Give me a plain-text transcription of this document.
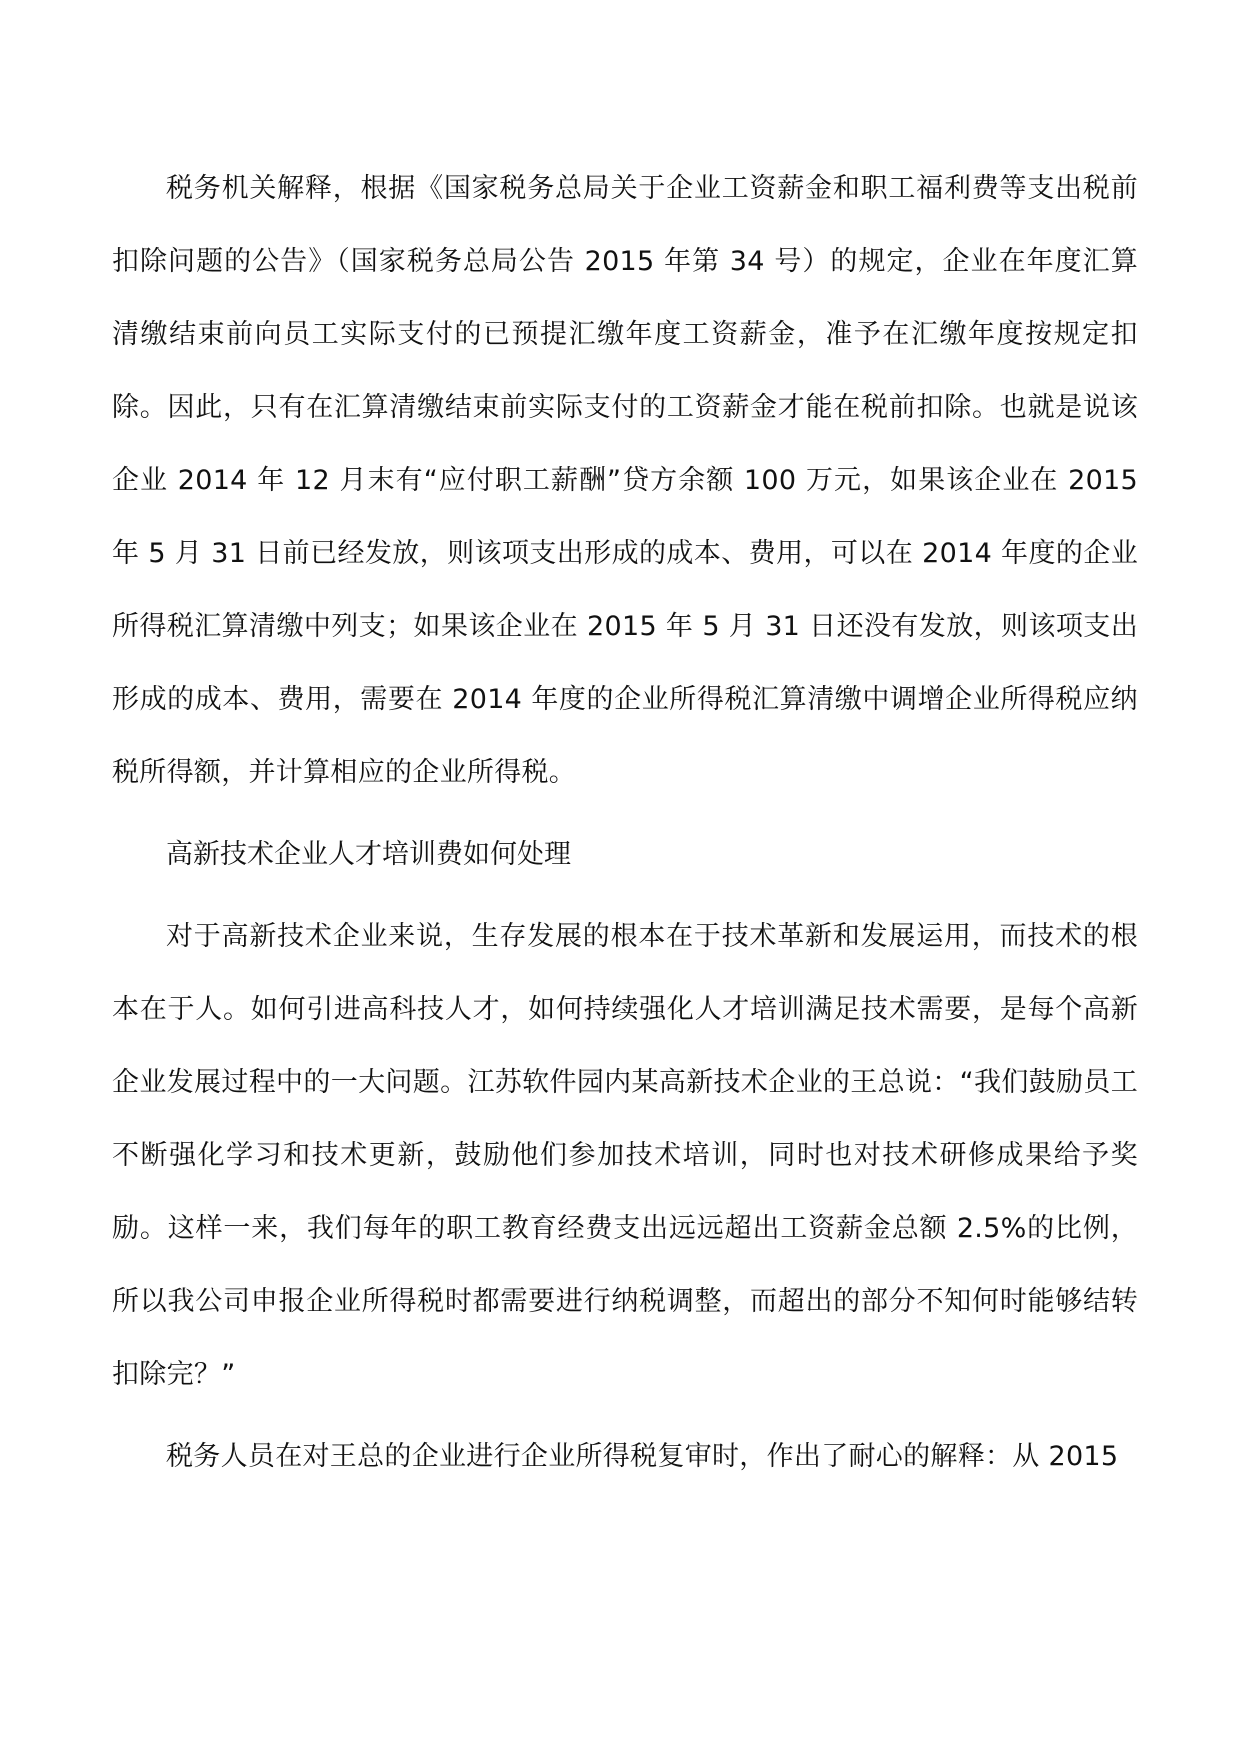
税务机关解释，根据《国家税务总局关于企业工资薪金和职工福利费等支出税前扣除问题的公告》（国家税务总局公告 2015 年第 34 号）的规定，企业在年度汇算清缴结束前向员工实际支付的已预提汇缴年度工资薪金，准予在汇缴年度按规定扣除。因此，只有在汇算清缴结束前实际支付的工资薪金才能在税前扣除。也就是说该企业 2014 年 12 月末有“应付职工薪酬”贷方余额 100 万元，如果该企业在 2015 年 5 月 31 日前已经发放，则该项支出形成的成本、费用，可以在 2014 年度的企业所得税汇算清缴中列支；如果该企业在 2015 年 5 月 31 日还没有发放，则该项支出形成的成本、费用，需要在 2014 年度的企业所得税汇算清缴中调增企业所得税应纳税所得额，并计算相应的企业所得税。

高新技术企业人才培训费如何处理

对于高新技术企业来说，生存发展的根本在于技术革新和发展运用，而技术的根本在于人。如何引进高科技人才，如何持续强化人才培训满足技术需要，是每个高新企业发展过程中的一大问题。江苏软件园内某高新技术企业的王总说：“我们鼓励员工不断强化学习和技术更新，鼓励他们参加技术培训，同时也对技术研修成果给予奖励。这样一来，我们每年的职工教育经费支出远远超出工资薪金总额 2.5%的比例，所以我公司申报企业所得税时都需要进行纳税调整，而超出的部分不知何时能够结转扣除完？”

税务人员在对王总的企业进行企业所得税复审时，作出了耐心的解释：从 2015
